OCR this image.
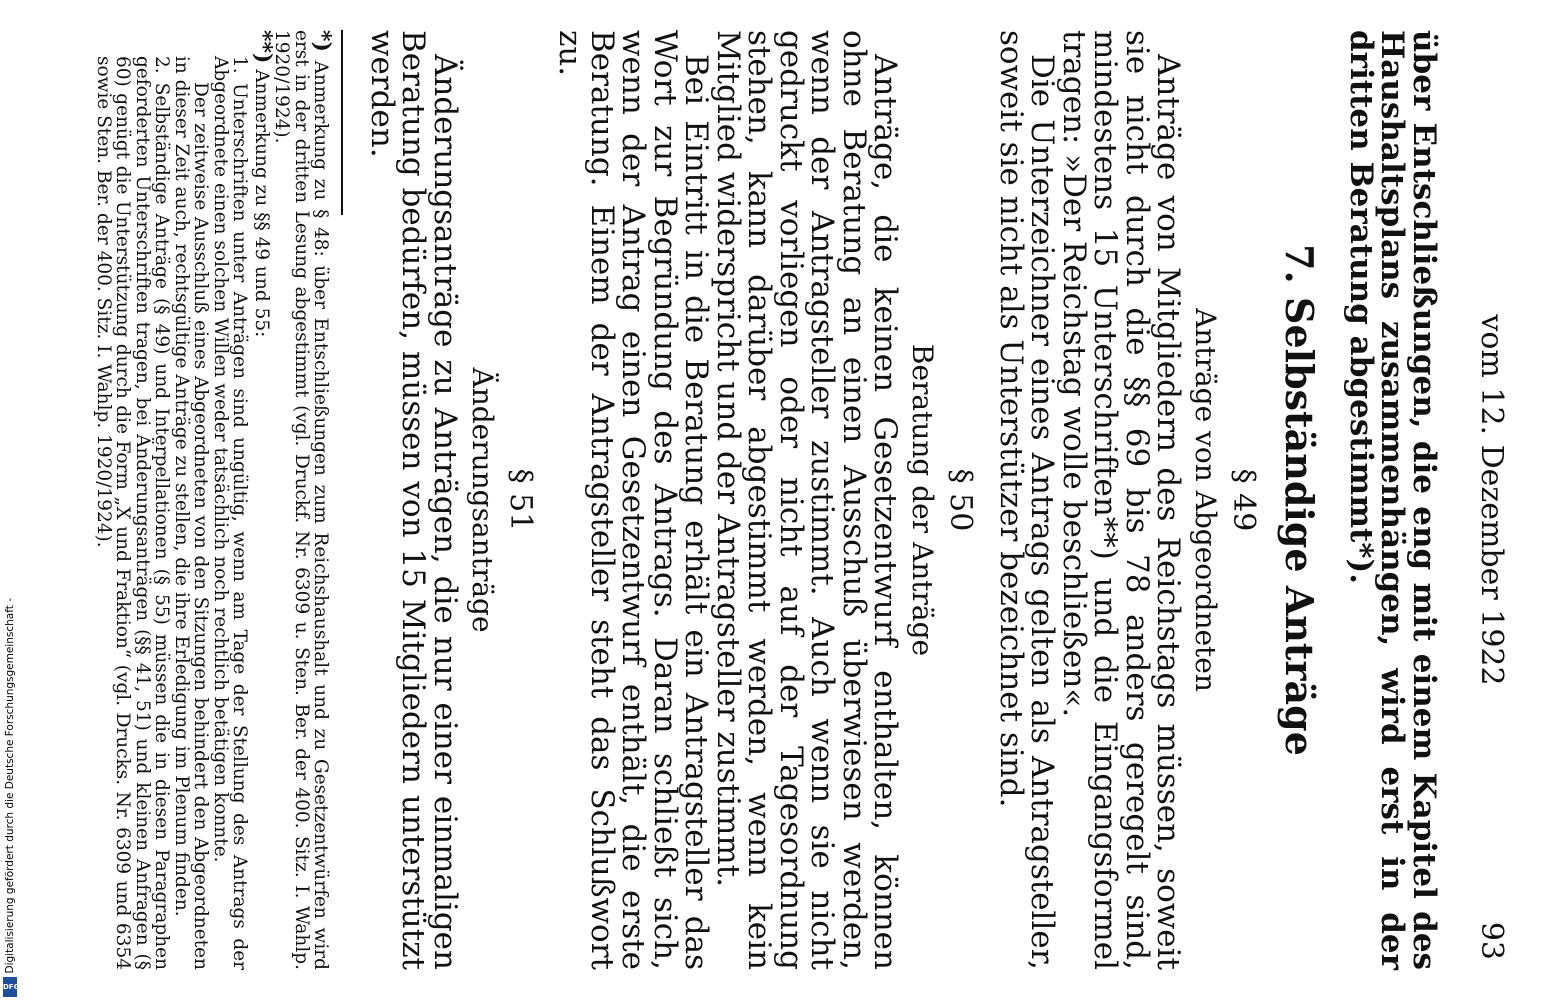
vom 12. Dezember 1922
93

über Entschließungen, die eng mit einem Kapitel des Haushaltsplans zusammenhängen, wird erst in der dritten Beratung abgestimmt*).

7. Selbständige Anträge
§ 49
Anträge von Abgeordneten

Anträge von Mitgliedern des Reichstags müssen, soweit sie nicht durch die §§ 69 bis 78 anders geregelt sind, mindestens 15 Unterschriften**) und die Eingangsformel tragen: »Der Reichstag wolle beschließen«.

Die Unterzeichner eines Antrags gelten als Antragsteller, soweit sie nicht als Unterstützer bezeichnet sind.

§ 50
Beratung der Anträge

Anträge, die keinen Gesetzentwurf enthalten, können ohne Beratung an einen Ausschuß überwiesen werden, wenn der Antragsteller zustimmt. Auch wenn sie nicht gedruckt vorliegen oder nicht auf der Tagesordnung stehen, kann darüber abgestimmt werden, wenn kein Mitglied widerspricht und der Antragsteller zustimmt.

Bei Eintritt in die Beratung erhält ein Antragsteller das Wort zur Begründung des Antrags. Daran schließt sich, wenn der Antrag einen Gesetzentwurf enthält, die erste Beratung. Einem der Antragsteller steht das Schlußwort zu.

§ 51
Änderungsanträge

Änderungsanträge zu Anträgen, die nur einer einmaligen Beratung bedürfen, müssen von 15 Mitgliedern unterstützt werden.

*) Anmerkung zu § 48: über Entschließungen zum Reichshaushalt und zu Gesetzentwürfen wird erst in der dritten Lesung abgestimmt (vgl. Druckf. Nr. 6309 u. Sten. Ber. der 400. Sitz. I. Wahlp. 1920/1924).

**) Anmerkung zu §§ 49 und 55:

1. Unterschriften unter Anträgen sind ungültig, wenn am Tage der Stellung des Antrags der Abgeordnete einen solchen Willen weder tatsächlich noch rechtlich betätigen konnte.

Der zeitweise Ausschluß eines Abgeordneten von den Sitzungen behindert den Abgeordneten in dieser Zeit auch, rechtsgültige Anträge zu stellen, die ihre Erledigung im Plenum finden.

2. Selbständige Anträge (§ 49) und Interpellationen (§ 55) müssen die in diesen Paragraphen geforderten Unterschriften tragen, bei Änderungsanträgen (§§ 41, 51) und kleinen Anfragen (§ 60) genügt die Unterstützung durch die Form „X und Fraktion“ (vgl. Drucks. Nr. 6309 und 6354 sowie Sten. Ber. der 400. Sitz. I. Wahlp. 1920/1924).

Digitalisierung gefördert durch die Deutsche Forschungsgemeinschaft -
DFG
